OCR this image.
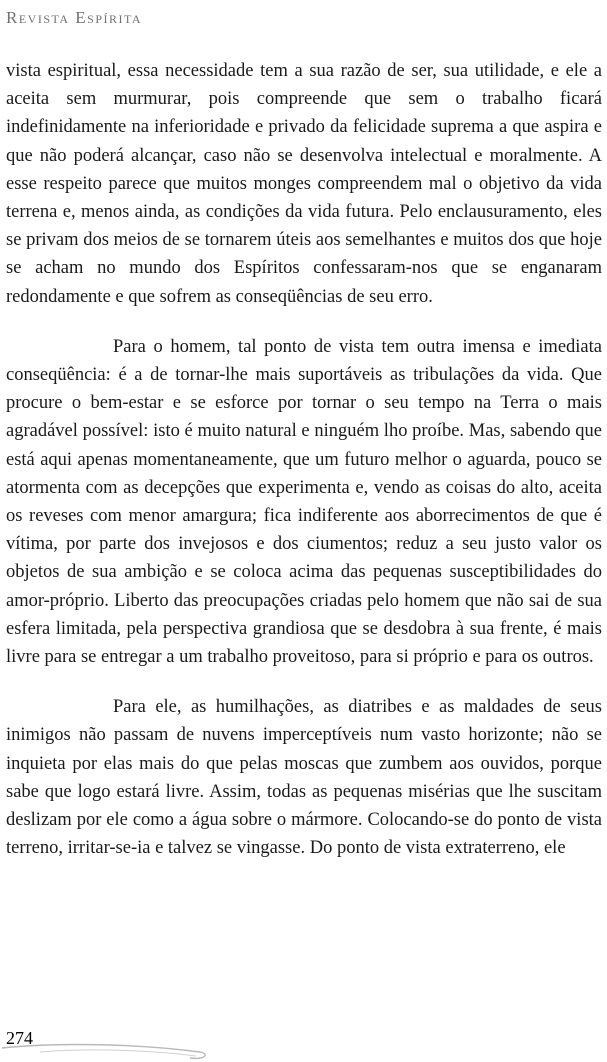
Revista Espírita

vista espiritual, essa necessidade tem a sua razão de ser, sua utilidade, e ele a aceita sem murmurar, pois compreende que sem o trabalho ficará indefinidamente na inferioridade e privado da felicidade suprema a que aspira e que não poderá alcançar, caso não se desenvolva intelectual e moralmente. A esse respeito parece que muitos monges compreendem mal o objetivo da vida terrena e, menos ainda, as condições da vida futura. Pelo enclausuramento, eles se privam dos meios de se tornarem úteis aos semelhantes e muitos dos que hoje se acham no mundo dos Espíritos confessaram-nos que se enganaram redondamente e que sofrem as conseqüências de seu erro.

Para o homem, tal ponto de vista tem outra imensa e imediata conseqüência: é a de tornar-lhe mais suportáveis as tribulações da vida. Que procure o bem-estar e se esforce por tornar o seu tempo na Terra o mais agradável possível: isto é muito natural e ninguém lho proíbe. Mas, sabendo que está aqui apenas momentaneamente, que um futuro melhor o aguarda, pouco se atormenta com as decepções que experimenta e, vendo as coisas do alto, aceita os reveses com menor amargura; fica indiferente aos aborrecimentos de que é vítima, por parte dos invejosos e dos ciumentos; reduz a seu justo valor os objetos de sua ambição e se coloca acima das pequenas susceptibilidades do amor-próprio. Liberto das preocupações criadas pelo homem que não sai de sua esfera limitada, pela perspectiva grandiosa que se desdobra à sua frente, é mais livre para se entregar a um trabalho proveitoso, para si próprio e para os outros.

Para ele, as humilhações, as diatribes e as maldades de seus inimigos não passam de nuvens imperceptíveis num vasto horizonte; não se inquieta por elas mais do que pelas moscas que zumbem aos ouvidos, porque sabe que logo estará livre. Assim, todas as pequenas misérias que lhe suscitam deslizam por ele como a água sobre o mármore. Colocando-se do ponto de vista terreno, irritar-se-ia e talvez se vingasse. Do ponto de vista extraterreno, ele

274
